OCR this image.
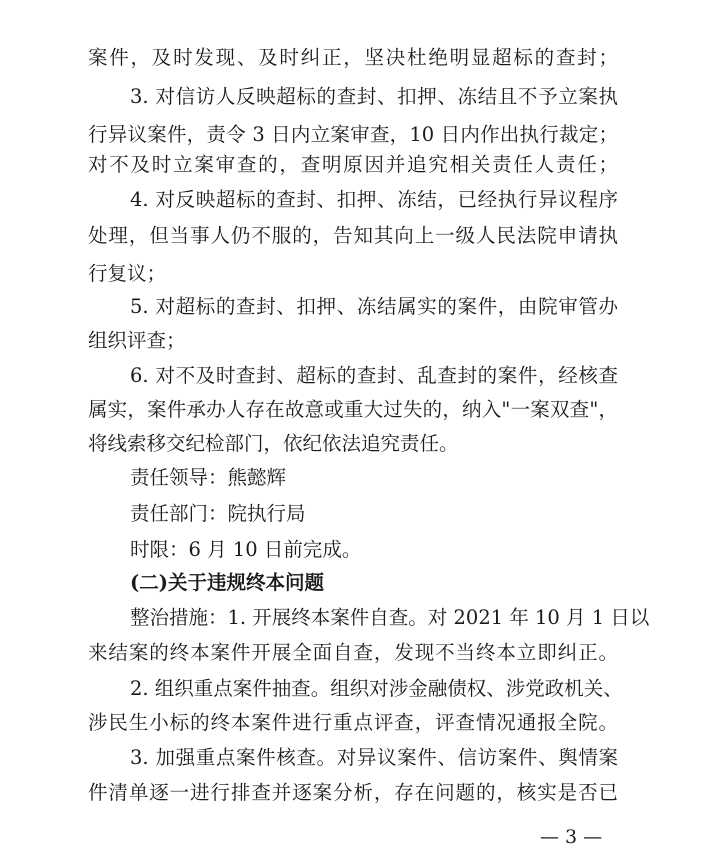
案件，及时发现、及时纠正，坚决杜绝明显超标的查封；
3. 对信访人反映超标的查封、扣押、冻结且不予立案执
行异议案件，责令 3 日内立案审查，10 日内作出执行裁定；
对不及时立案审查的，查明原因并追究相关责任人责任；
4. 对反映超标的查封、扣押、冻结，已经执行异议程序
处理，但当事人仍不服的，告知其向上一级人民法院申请执
行复议；
5. 对超标的查封、扣押、冻结属实的案件，由院审管办
组织评查；
6. 对不及时查封、超标的查封、乱查封的案件，经核查
属实，案件承办人存在故意或重大过失的，纳入"一案双查"，
将线索移交纪检部门，依纪依法追究责任。
责任领导：熊懿辉
责任部门：院执行局
时限：6 月 10 日前完成。
(二)关于违规终本问题
整治措施：1. 开展终本案件自查。对 2021 年 10 月 1 日以
来结案的终本案件开展全面自查，发现不当终本立即纠正。
2. 组织重点案件抽查。组织对涉金融债权、涉党政机关、
涉民生小标的终本案件进行重点评查，评查情况通报全院。
3. 加强重点案件核查。对异议案件、信访案件、舆情案
件清单逐一进行排查并逐案分析，存在问题的，核实是否已
— 3 —
